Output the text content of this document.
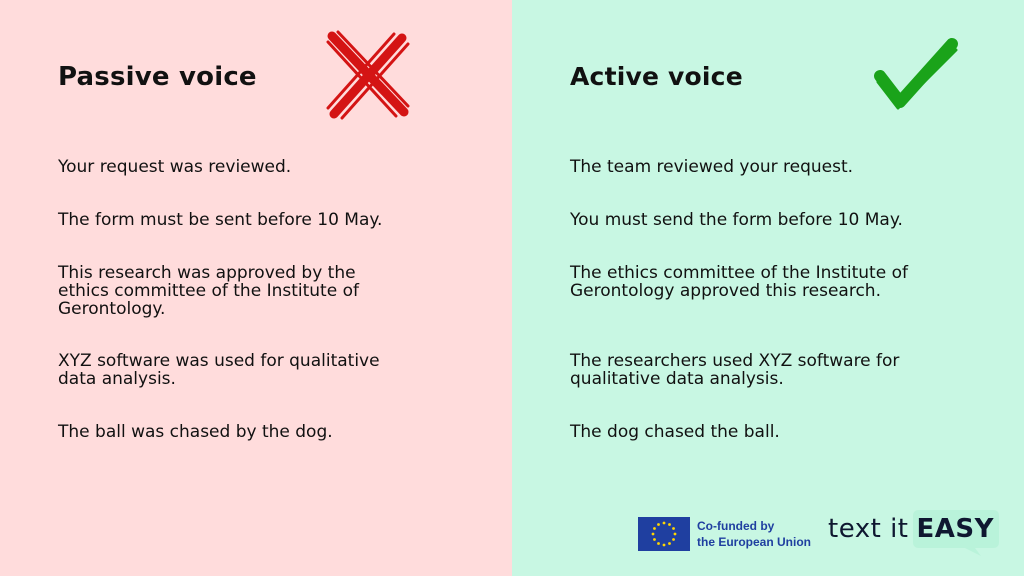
Passive voice

Your request was reviewed.

The form must be sent before 10 May.

This research was approved by the ethics committee of the Institute of Gerontology.

XYZ software was used for qualitative data analysis.

The ball was chased by the dog.

Active voice

The team reviewed your request.

You must send the form before 10 May.

The ethics committee of the Institute of Gerontology approved this research.

The researchers used XYZ software for qualitative data analysis.

The dog chased the ball.

Co-funded by
the European Union text it EASY
